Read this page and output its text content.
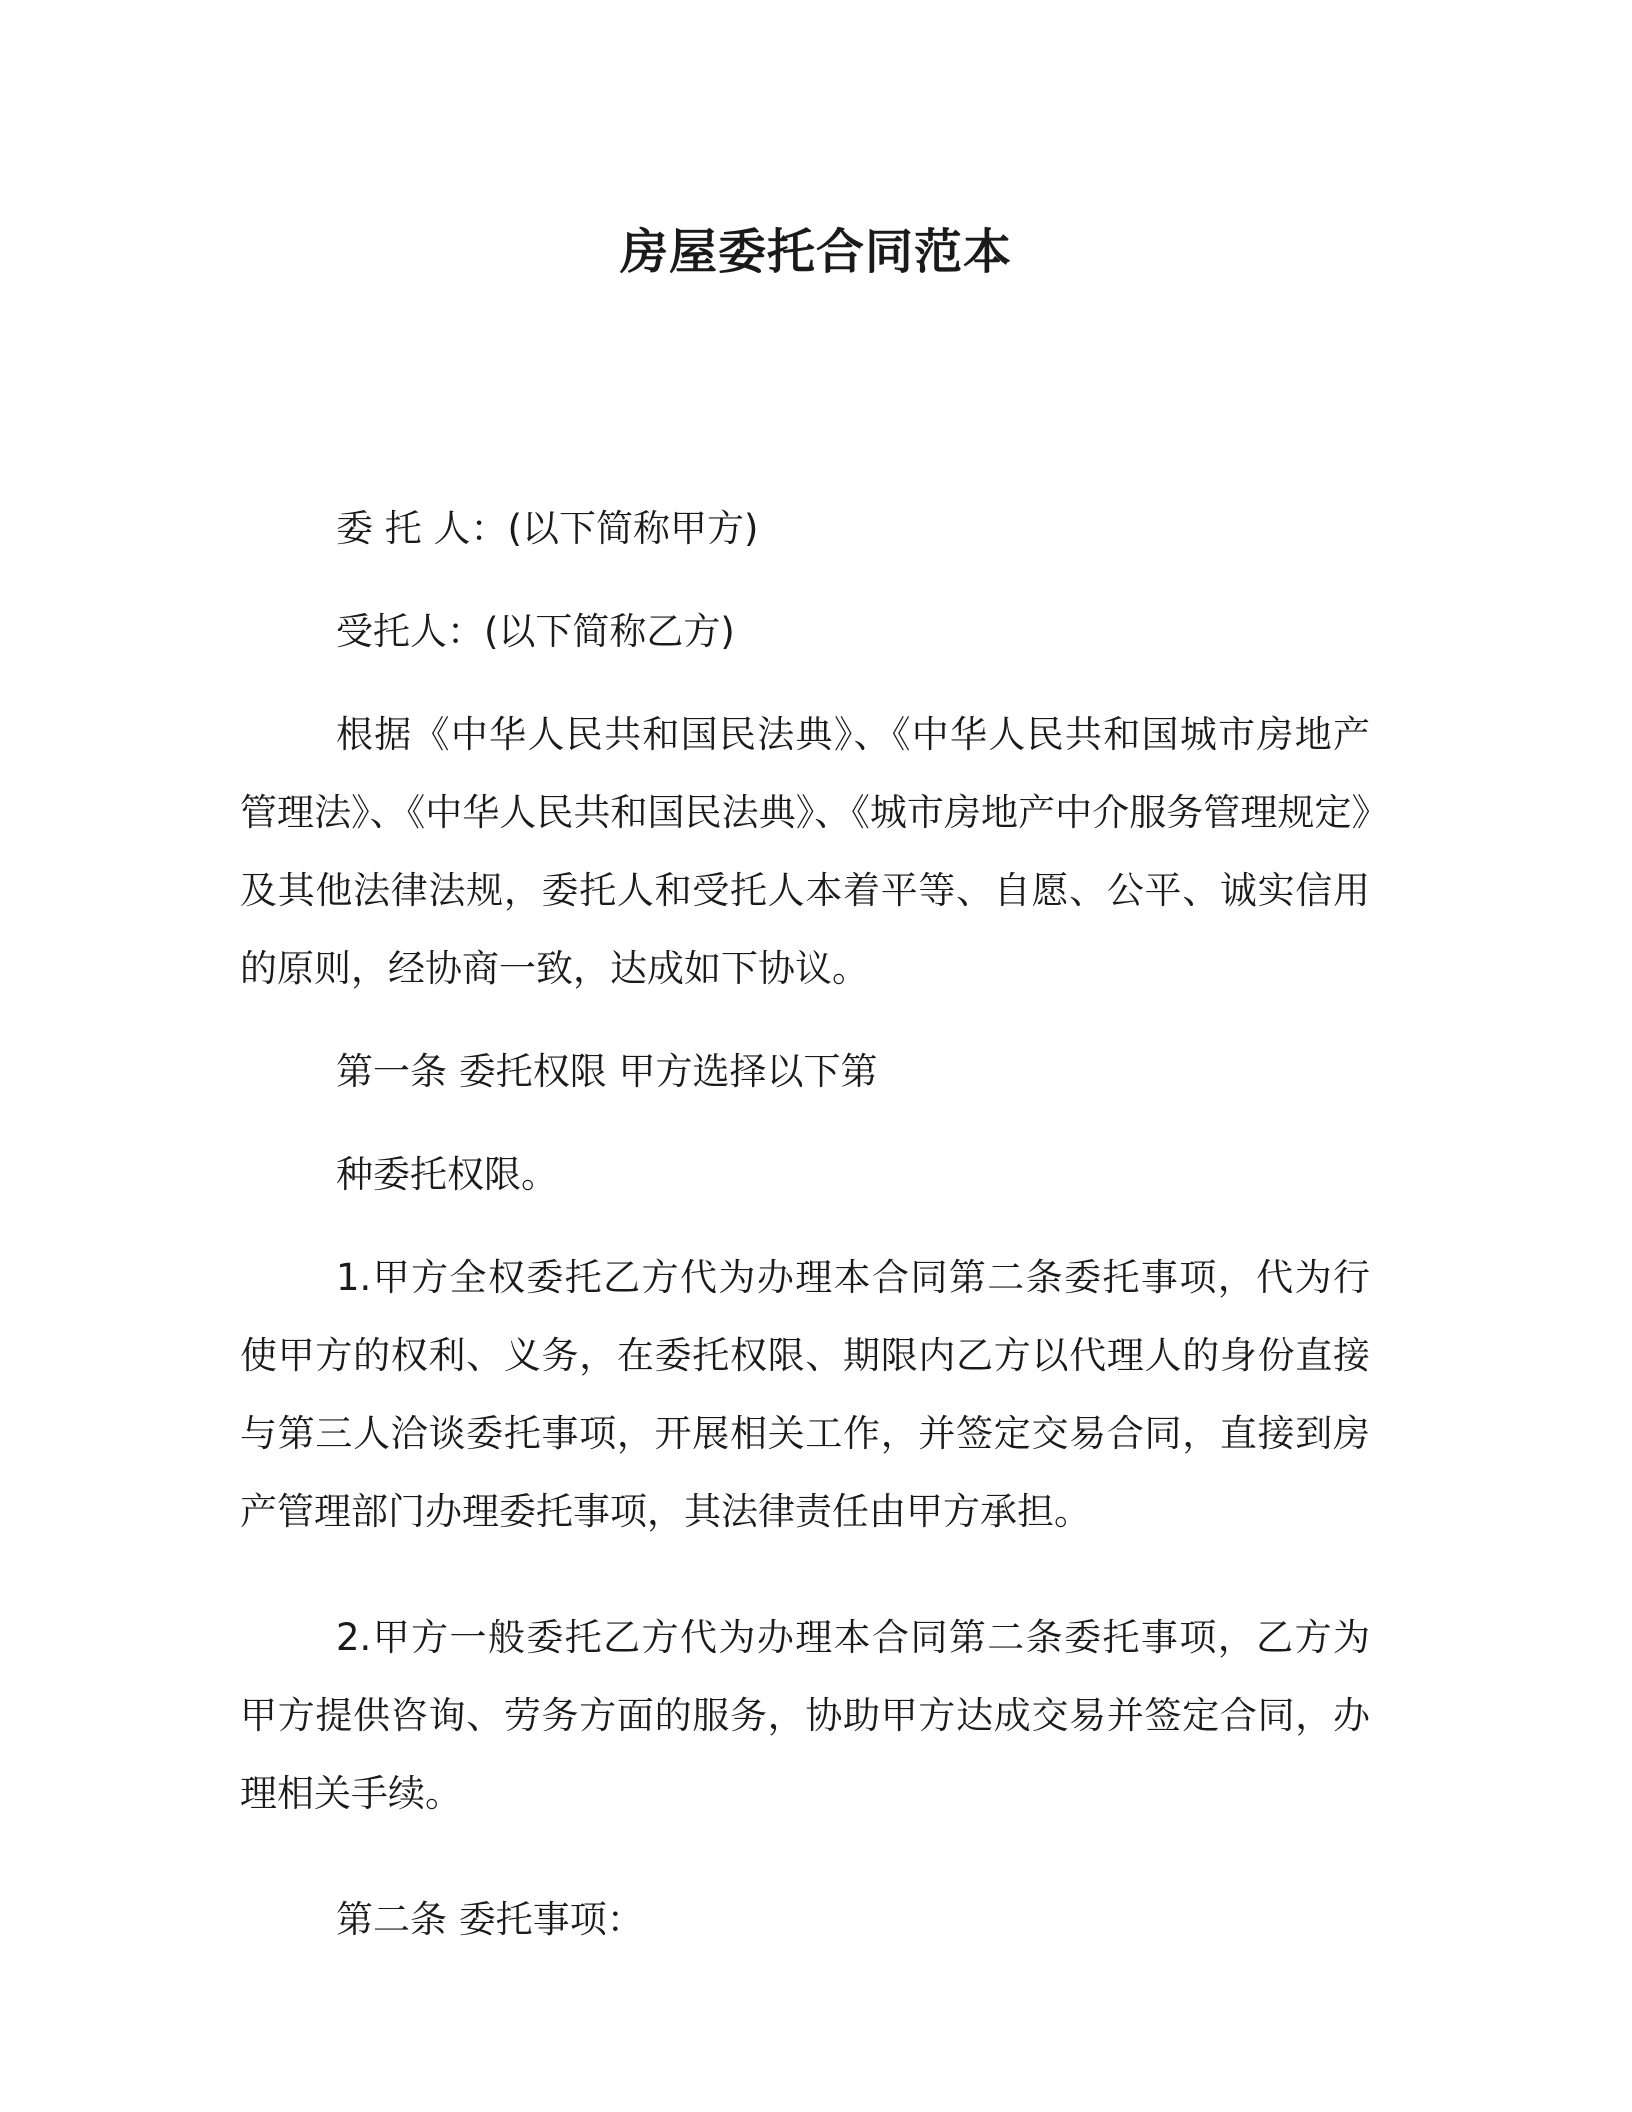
房屋委托合同范本

委 托 人：(以下简称甲方)

受托人：(以下简称乙方)

根据《中华人民共和国民法典》、《中华人民共和国城市房地产管理法》、《中华人民共和国民法典》、《城市房地产中介服务管理规定》及其他法律法规，委托人和受托人本着平等、自愿、公平、诚实信用的原则，经协商一致，达成如下协议。

第一条 委托权限 甲方选择以下第

种委托权限。

1.甲方全权委托乙方代为办理本合同第二条委托事项，代为行使甲方的权利、义务，在委托权限、期限内乙方以代理人的身份直接与第三人洽谈委托事项，开展相关工作，并签定交易合同，直接到房产管理部门办理委托事项，其法律责任由甲方承担。

2.甲方一般委托乙方代为办理本合同第二条委托事项，乙方为甲方提供咨询、劳务方面的服务，协助甲方达成交易并签定合同，办理相关手续。

第二条 委托事项：
